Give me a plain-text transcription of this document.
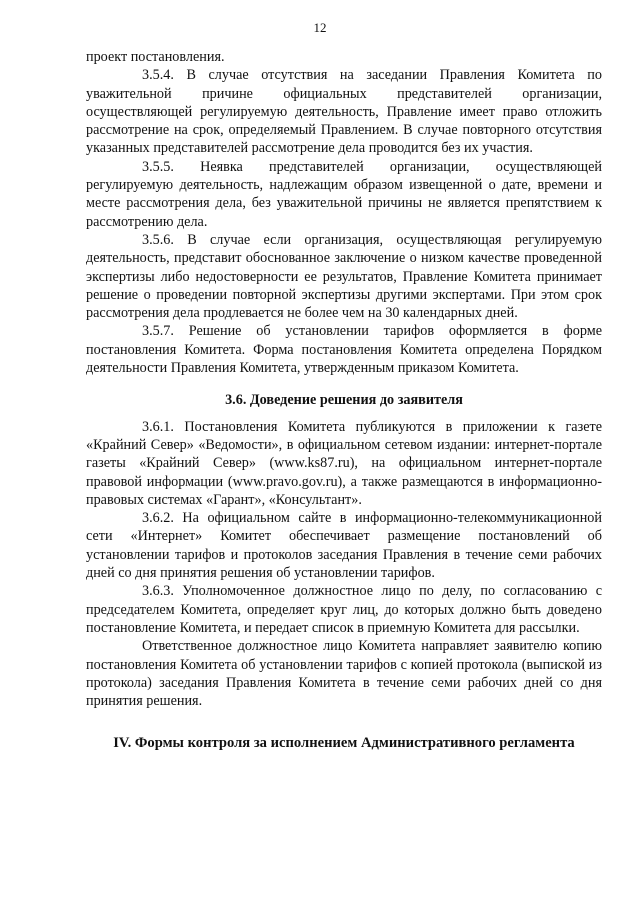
12

проект постановления.

3.5.4. В случае отсутствия на заседании Правления Комитета по уважительной причине официальных представителей организации, осуществляющей регулируемую деятельность, Правление имеет право отложить рассмотрение на срок, определяемый Правлением. В случае повторного отсутствия указанных представителей рассмотрение дела проводится без их участия.

3.5.5. Неявка представителей организации, осуществляющей регулируемую деятельность, надлежащим образом извещенной о дате, времени и месте рассмотрения дела, без уважительной причины не является препятствием к рассмотрению дела.

3.5.6. В случае если организация, осуществляющая регулируемую деятельность, представит обоснованное заключение о низком качестве проведенной экспертизы либо недостоверности ее результатов, Правление Комитета принимает решение о проведении повторной экспертизы другими экспертами. При этом срок рассмотрения дела продлевается не более чем на 30 календарных дней.

3.5.7. Решение об установлении тарифов оформляется в форме постановления Комитета. Форма постановления Комитета определена Порядком деятельности Правления Комитета, утвержденным приказом Комитета.

3.6. Доведение решения до заявителя

3.6.1. Постановления Комитета публикуются в приложении к газете «Крайний Север» «Ведомости», в официальном сетевом издании: интернет-портале газеты «Крайний Север» (www.ks87.ru), на официальном интернет-портале правовой информации (www.pravo.gov.ru), а также размещаются в информационно-правовых системах «Гарант», «Консультант».

3.6.2. На официальном сайте в информационно-телекоммуникационной сети «Интернет» Комитет обеспечивает размещение постановлений об установлении тарифов и протоколов заседания Правления в течение семи рабочих дней со дня принятия решения об установлении тарифов.

3.6.3. Уполномоченное должностное лицо по делу, по согласованию с председателем Комитета, определяет круг лиц, до которых должно быть доведено постановление Комитета, и передает список в приемную Комитета для рассылки.

Ответственное должностное лицо Комитета направляет заявителю копию постановления Комитета об установлении тарифов с копией протокола (выпиской из протокола) заседания Правления Комитета в течение семи рабочих дней со дня принятия решения.

IV. Формы контроля за исполнением Административного регламента
